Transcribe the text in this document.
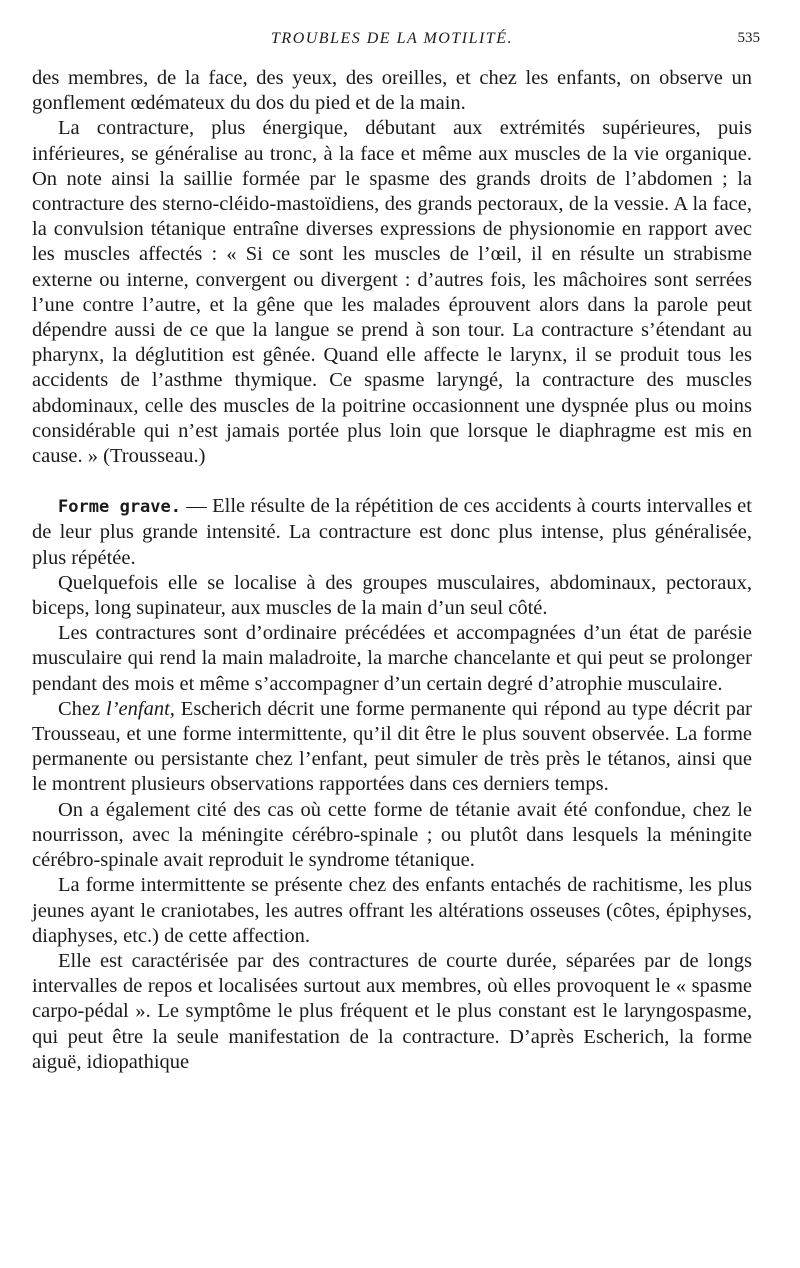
TROUBLES DE LA MOTILITÉ.	535

des membres, de la face, des yeux, des oreilles, et chez les enfants, on observe un gonflement œdémateux du dos du pied et de la main.

La contracture, plus énergique, débutant aux extrémités supérieures, puis inférieures, se généralise au tronc, à la face et même aux muscles de la vie organique. On note ainsi la saillie formée par le spasme des grands droits de l’abdomen ; la contracture des sterno-cléido-mastoïdiens, des grands pectoraux, de la vessie. A la face, la convulsion tétanique entraîne diverses expressions de physionomie en rapport avec les muscles affectés : « Si ce sont les muscles de l’œil, il en résulte un strabisme externe ou interne, convergent ou divergent : d’autres fois, les mâchoires sont serrées l’une contre l’autre, et la gêne que les malades éprouvent alors dans la parole peut dépendre aussi de ce que la langue se prend à son tour. La contracture s’étendant au pharynx, la déglutition est gênée. Quand elle affecte le larynx, il se produit tous les accidents de l’asthme thymique. Ce spasme laryngé, la contracture des muscles abdominaux, celle des muscles de la poitrine occasionnent une dyspnée plus ou moins considérable qui n’est jamais portée plus loin que lorsque le diaphragme est mis en cause. » (Trousseau.)

Forme grave. — Elle résulte de la répétition de ces accidents à courts intervalles et de leur plus grande intensité. La contracture est donc plus intense, plus généralisée, plus répétée.

Quelquefois elle se localise à des groupes musculaires, abdominaux, pectoraux, biceps, long supinateur, aux muscles de la main d’un seul côté.

Les contractures sont d’ordinaire précédées et accompagnées d’un état de parésie musculaire qui rend la main maladroite, la marche chancelante et qui peut se prolonger pendant des mois et même s’accompagner d’un certain degré d’atrophie musculaire.

Chez l’enfant, Escherich décrit une forme permanente qui répond au type décrit par Trousseau, et une forme intermittente, qu’il dit être le plus souvent observée. La forme permanente ou persistante chez l’enfant, peut simuler de très près le tétanos, ainsi que le montrent plusieurs observations rapportées dans ces derniers temps.

On a également cité des cas où cette forme de tétanie avait été confondue, chez le nourrisson, avec la méningite cérébro-spinale ; ou plutôt dans lesquels la méningite cérébro-spinale avait reproduit le syndrome tétanique.

La forme intermittente se présente chez des enfants entachés de rachitisme, les plus jeunes ayant le craniotabes, les autres offrant les altérations osseuses (côtes, épiphyses, diaphyses, etc.) de cette affection.

Elle est caractérisée par des contractures de courte durée, séparées par de longs intervalles de repos et localisées surtout aux membres, où elles provoquent le « spasme carpo-pédal ». Le symptôme le plus fréquent et le plus constant est le laryngospasme, qui peut être la seule manifestation de la contracture. D’après Escherich, la forme aiguë, idiopathique
